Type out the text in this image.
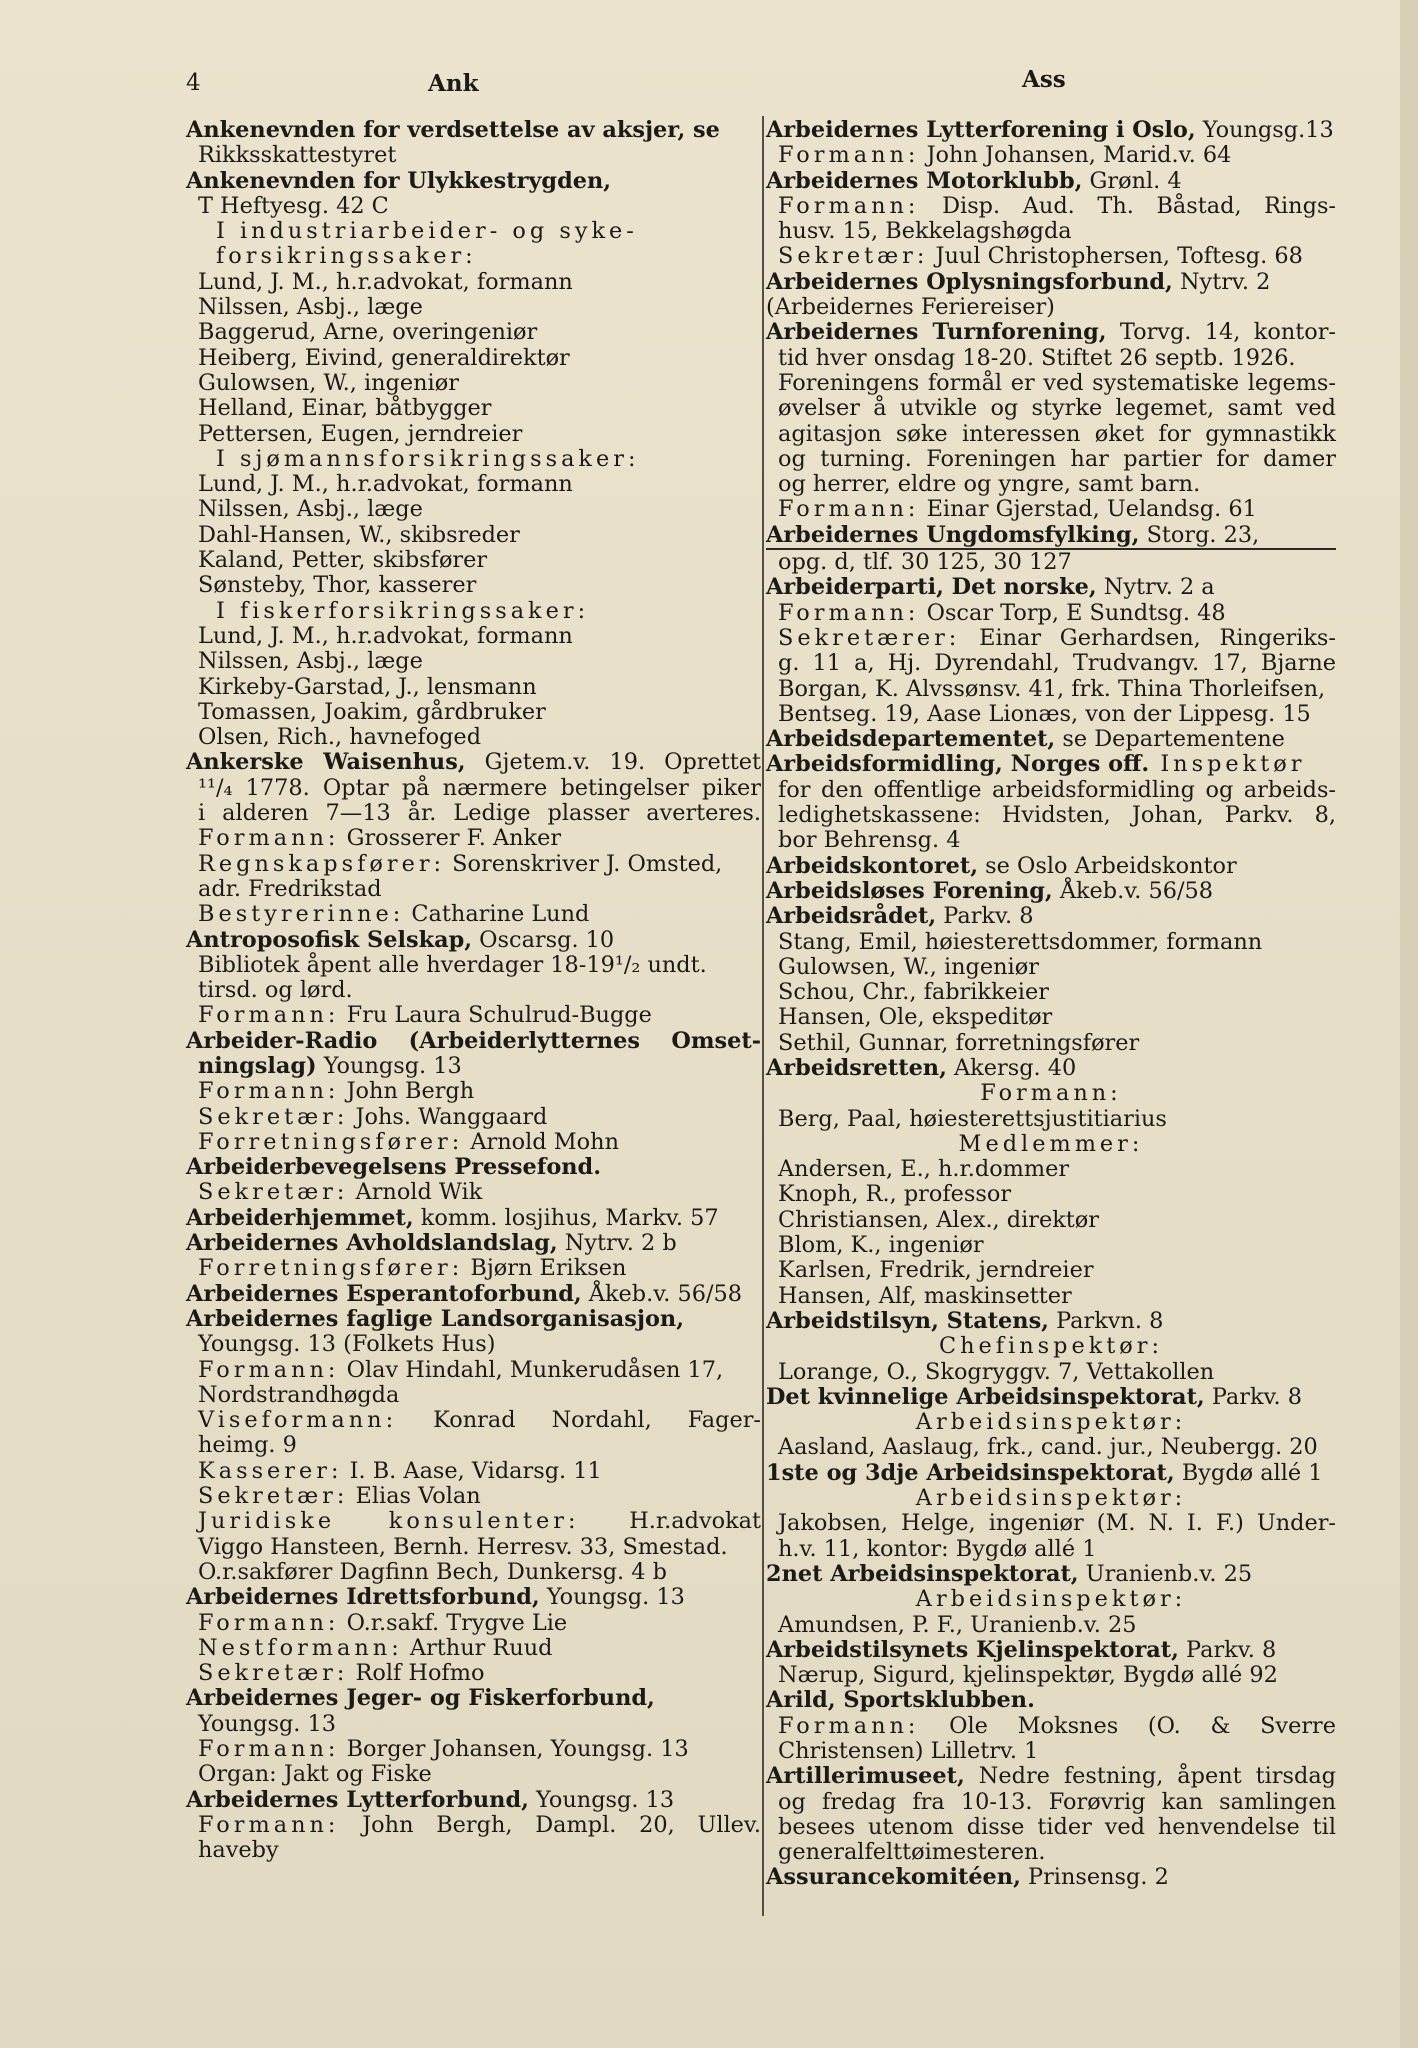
4	Ank	Ass
Ankenevnden for verdsettelse av aksjer, se
Rikksskattestyret
Ankenevnden for Ulykkestrygden,
T Heftyesg. 42 C
I industriarbeider- og syke-
forsikringssaker:
Lund, J. M., h.r.advokat, formann
Nilssen, Asbj., læge
Baggerud, Arne, overingeniør
Heiberg, Eivind, generaldirektør
Gulowsen, W., ingeniør
Helland, Einar, båtbygger
Pettersen, Eugen, jerndreier
I sjømannsforsikringssaker:
Lund, J. M., h.r.advokat, formann
Nilssen, Asbj., læge
Dahl-Hansen, W., skibsreder
Kaland, Petter, skibsfører
Sønsteby, Thor, kasserer
I fiskerforsikringssaker:
Lund, J. M., h.r.advokat, formann
Nilssen, Asbj., læge
Kirkeby-Garstad, J., lensmann
Tomassen, Joakim, gårdbruker
Olsen, Rich., havnefoged
Ankerske Waisenhus, Gjetem.v. 19. Oprettet
¹¹/₄ 1778. Optar på nærmere betingelser piker
i alderen 7—13 år. Ledige plasser averteres.
Formann: Grosserer F. Anker
Regnskapsfører: Sorenskriver J. Omsted,
adr. Fredrikstad
Bestyrerinne: Catharine Lund
Antroposofisk Selskap, Oscarsg. 10
Bibliotek åpent alle hverdager 18-19¹/₂ undt.
tirsd. og lørd.
Formann: Fru Laura Schulrud-Bugge
Arbeider-Radio (Arbeiderlytternes Omset-
ningslag) Youngsg. 13
Formann: John Bergh
Sekretær: Johs. Wanggaard
Forretningsfører: Arnold Mohn
Arbeiderbevegelsens Pressefond.
Sekretær: Arnold Wik
Arbeiderhjemmet, komm. losjihus, Markv. 57
Arbeidernes Avholdslandslag, Nytrv. 2 b
Forretningsfører: Bjørn Eriksen
Arbeidernes Esperantoforbund, Åkeb.v. 56/58
Arbeidernes faglige Landsorganisasjon,
Youngsg. 13 (Folkets Hus)
Formann: Olav Hindahl, Munkerudåsen 17,
Nordstrandhøgda
Viseformann: Konrad Nordahl, Fager-
heimg. 9
Kasserer: I. B. Aase, Vidarsg. 11
Sekretær: Elias Volan
Juridiske konsulenter: H.r.advokat
Viggo Hansteen, Bernh. Herresv. 33, Smestad.
O.r.sakfører Dagfinn Bech, Dunkersg. 4 b
Arbeidernes Idrettsforbund, Youngsg. 13
Formann: O.r.sakf. Trygve Lie
Nestformann: Arthur Ruud
Sekretær: Rolf Hofmo
Arbeidernes Jeger- og Fiskerforbund,
Youngsg. 13
Formann: Borger Johansen, Youngsg. 13
Organ: Jakt og Fiske
Arbeidernes Lytterforbund, Youngsg. 13
Formann: John Bergh, Dampl. 20, Ullev.
haveby
Arbeidernes Lytterforening i Oslo, Youngsg.13
Formann: John Johansen, Marid.v. 64
Arbeidernes Motorklubb, Grønl. 4
Formann: Disp. Aud. Th. Båstad, Rings-
husv. 15, Bekkelagshøgda
Sekretær: Juul Christophersen, Toftesg. 68
Arbeidernes Oplysningsforbund, Nytrv. 2
(Arbeidernes Feriereiser)
Arbeidernes Turnforening, Torvg. 14, kontor-
tid hver onsdag 18-20. Stiftet 26 septb. 1926.
Foreningens formål er ved systematiske legems-
øvelser å utvikle og styrke legemet, samt ved
agitasjon søke interessen øket for gymnastikk
og turning. Foreningen har partier for damer
og herrer, eldre og yngre, samt barn.
Formann: Einar Gjerstad, Uelandsg. 61
Arbeidernes Ungdomsfylking, Storg. 23,
opg. d, tlf. 30 125, 30 127
Arbeiderparti, Det norske, Nytrv. 2 a
Formann: Oscar Torp, E Sundtsg. 48
Sekretærer: Einar Gerhardsen, Ringeriks-
g. 11 a, Hj. Dyrendahl, Trudvangv. 17, Bjarne
Borgan, K. Alvssønsv. 41, frk. Thina Thorleifsen,
Bentseg. 19, Aase Lionæs, von der Lippesg. 15
Arbeidsdepartementet, se Departementene
Arbeidsformidling, Norges off. Inspektør
for den offentlige arbeidsformidling og arbeids-
ledighetskassene: Hvidsten, Johan, Parkv. 8,
bor Behrensg. 4
Arbeidskontoret, se Oslo Arbeidskontor
Arbeidsløses Forening, Åkeb.v. 56/58
Arbeidsrådet, Parkv. 8
Stang, Emil, høiesterettsdommer, formann
Gulowsen, W., ingeniør
Schou, Chr., fabrikkeier
Hansen, Ole, ekspeditør
Sethil, Gunnar, forretningsfører
Arbeidsretten, Akersg. 40
Formann:
Berg, Paal, høiesterettsjustitiarius
Medlemmer:
Andersen, E., h.r.dommer
Knoph, R., professor
Christiansen, Alex., direktør
Blom, K., ingeniør
Karlsen, Fredrik, jerndreier
Hansen, Alf, maskinsetter
Arbeidstilsyn, Statens, Parkvn. 8
Chefinspektør:
Lorange, O., Skogryggv. 7, Vettakollen
Det kvinnelige Arbeidsinspektorat, Parkv. 8
Arbeidsinspektør:
Aasland, Aaslaug, frk., cand. jur., Neubergg. 20
1ste og 3dje Arbeidsinspektorat, Bygdø allé 1
Arbeidsinspektør:
Jakobsen, Helge, ingeniør (M. N. I. F.) Under-
h.v. 11, kontor: Bygdø allé 1
2net Arbeidsinspektorat, Uranienb.v. 25
Arbeidsinspektør:
Amundsen, P. F., Uranienb.v. 25
Arbeidstilsynets Kjelinspektorat, Parkv. 8
Nærup, Sigurd, kjelinspektør, Bygdø allé 92
Arild, Sportsklubben.
Formann: Ole Moksnes (O. & Sverre
Christensen) Lilletrv. 1
Artillerimuseet, Nedre festning, åpent tirsdag
og fredag fra 10-13. Forøvrig kan samlingen
besees utenom disse tider ved henvendelse til
generalfelttøimesteren.
Assurancekomitéen, Prinsensg. 2
